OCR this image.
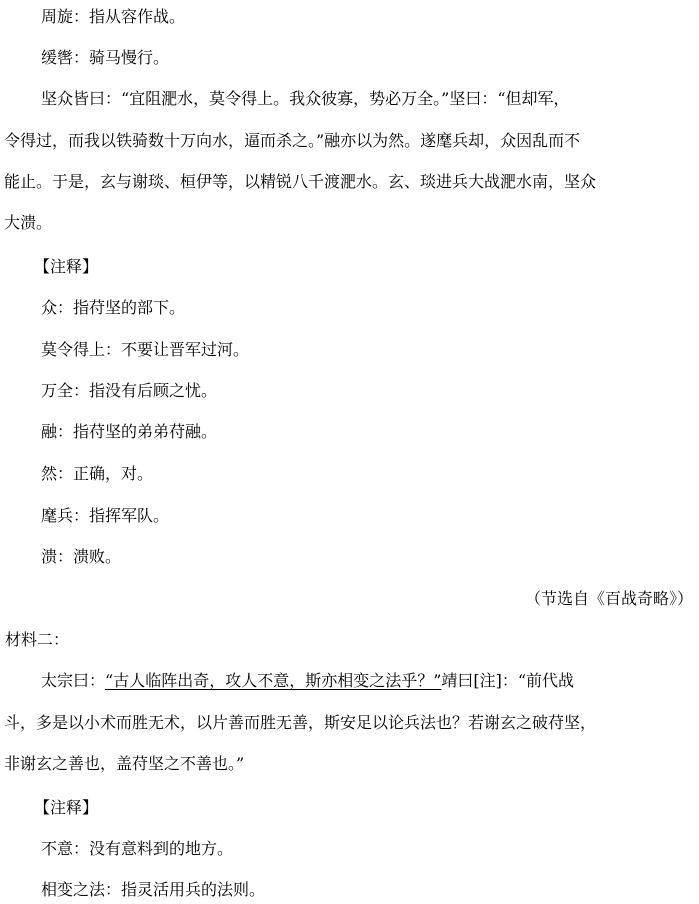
周旋：指从容作战。
缓辔：骑马慢行。
坚众皆曰：“宜阻淝水，莫令得上。我众彼寡，势必万全。”坚曰：“但却军，
令得过，而我以铁骑数十万向水，逼而杀之。”融亦以为然。遂麾兵却，众因乱而不
能止。于是，玄与谢琰、桓伊等，以精锐八千渡淝水。玄、琰进兵大战淝水南，坚众
大溃。
【注释】
众：指苻坚的部下。
莫令得上：不要让晋军过河。
万全：指没有后顾之忧。
融：指苻坚的弟弟苻融。
然：正确，对。
麾兵：指挥军队。
溃：溃败。
（节选自《百战奇略》）
材料二：
太宗曰：“古人临阵出奇，攻人不意，斯亦相变之法乎？”靖曰[注]：“前代战
斗，多是以小术而胜无术，以片善而胜无善，斯安足以论兵法也？若谢玄之破苻坚，
非谢玄之善也，盖苻坚之不善也。”
【注释】
不意：没有意料到的地方。
相变之法：指灵活用兵的法则。
